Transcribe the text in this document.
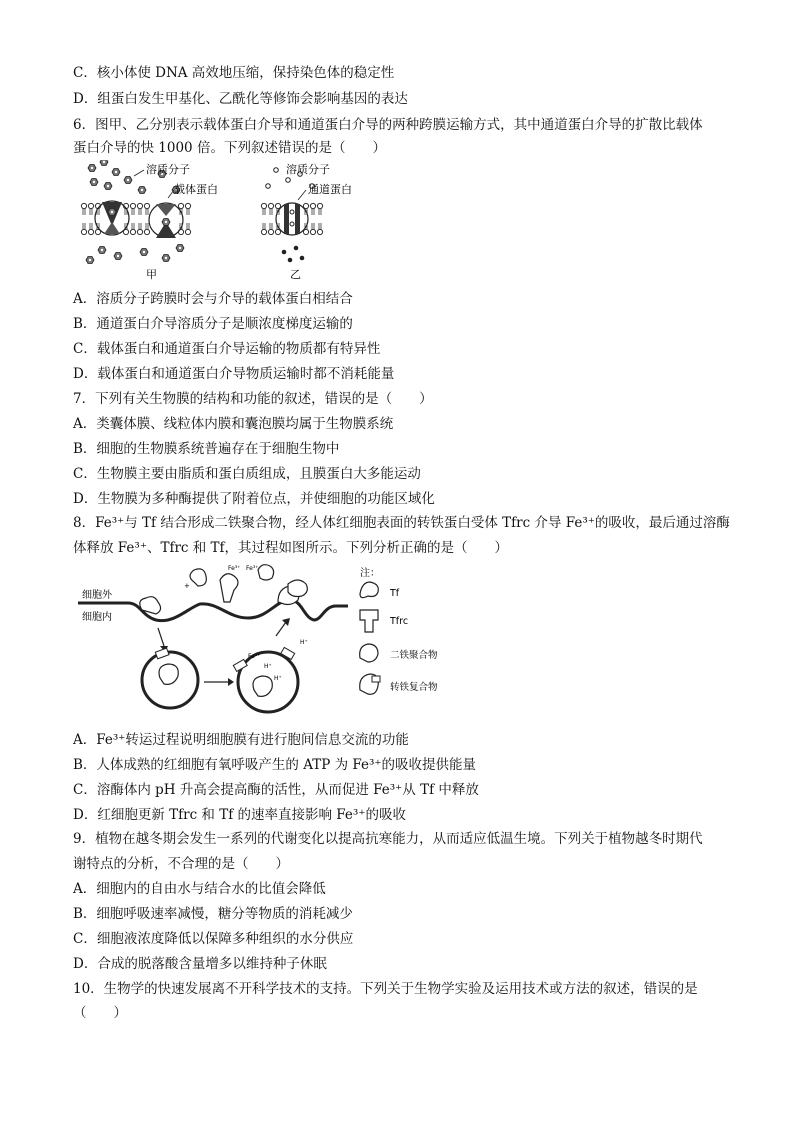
C．核小体使 DNA 高效地压缩，保持染色体的稳定性
D．组蛋白发生甲基化、乙酰化等修饰会影响基因的表达
6．图甲、乙分别表示载体蛋白介导和通道蛋白介导的两种跨膜运输方式，其中通道蛋白介导的扩散比载体
蛋白介导的快 1000 倍。下列叙述错误的是（　　）
溶质分子
载体蛋白
甲
溶质分子
通道蛋白
乙
A．溶质分子跨膜时会与介导的载体蛋白相结合
B．通道蛋白介导溶质分子是顺浓度梯度运输的
C．载体蛋白和通道蛋白介导运输的物质都有特异性
D．载体蛋白和通道蛋白介导物质运输时都不消耗能量
7．下列有关生物膜的结构和功能的叙述，错误的是（　　）
A．类囊体膜、线粒体内膜和囊泡膜均属于生物膜系统
B．细胞的生物膜系统普遍存在于细胞生物中
C．生物膜主要由脂质和蛋白质组成，且膜蛋白大多能运动
D．生物膜为多种酶提供了附着位点，并使细胞的功能区域化
8．Fe³⁺与 Tf 结合形成二铁聚合物，经人体红细胞表面的转铁蛋白受体 Tfrc 介导 Fe³⁺的吸收，最后通过溶酶
体释放 Fe³⁺、Tfrc 和 Tf，其过程如图所示。下列分析正确的是（　　）
细胞外
细胞内
+
Fe³⁺ Fe³⁺
H⁺
H⁺
Fe³⁺
H⁺
注：
Tf
Tfrc
二铁聚合物
转铁复合物
A．Fe³⁺转运过程说明细胞膜有进行胞间信息交流的功能
B．人体成熟的红细胞有氧呼吸产生的 ATP 为 Fe³⁺的吸收提供能量
C．溶酶体内 pH 升高会提高酶的活性，从而促进 Fe³⁺从 Tf 中释放
D．红细胞更新 Tfrc 和 Tf 的速率直接影响 Fe³⁺的吸收
9．植物在越冬期会发生一系列的代谢变化以提高抗寒能力，从而适应低温生境。下列关于植物越冬时期代
谢特点的分析，不合理的是（　　）
A．细胞内的自由水与结合水的比值会降低
B．细胞呼吸速率减慢，糖分等物质的消耗减少
C．细胞液浓度降低以保障多种组织的水分供应
D．合成的脱落酸含量增多以维持种子休眠
10．生物学的快速发展离不开科学技术的支持。下列关于生物学实验及运用技术或方法的叙述，错误的是
（　　）
